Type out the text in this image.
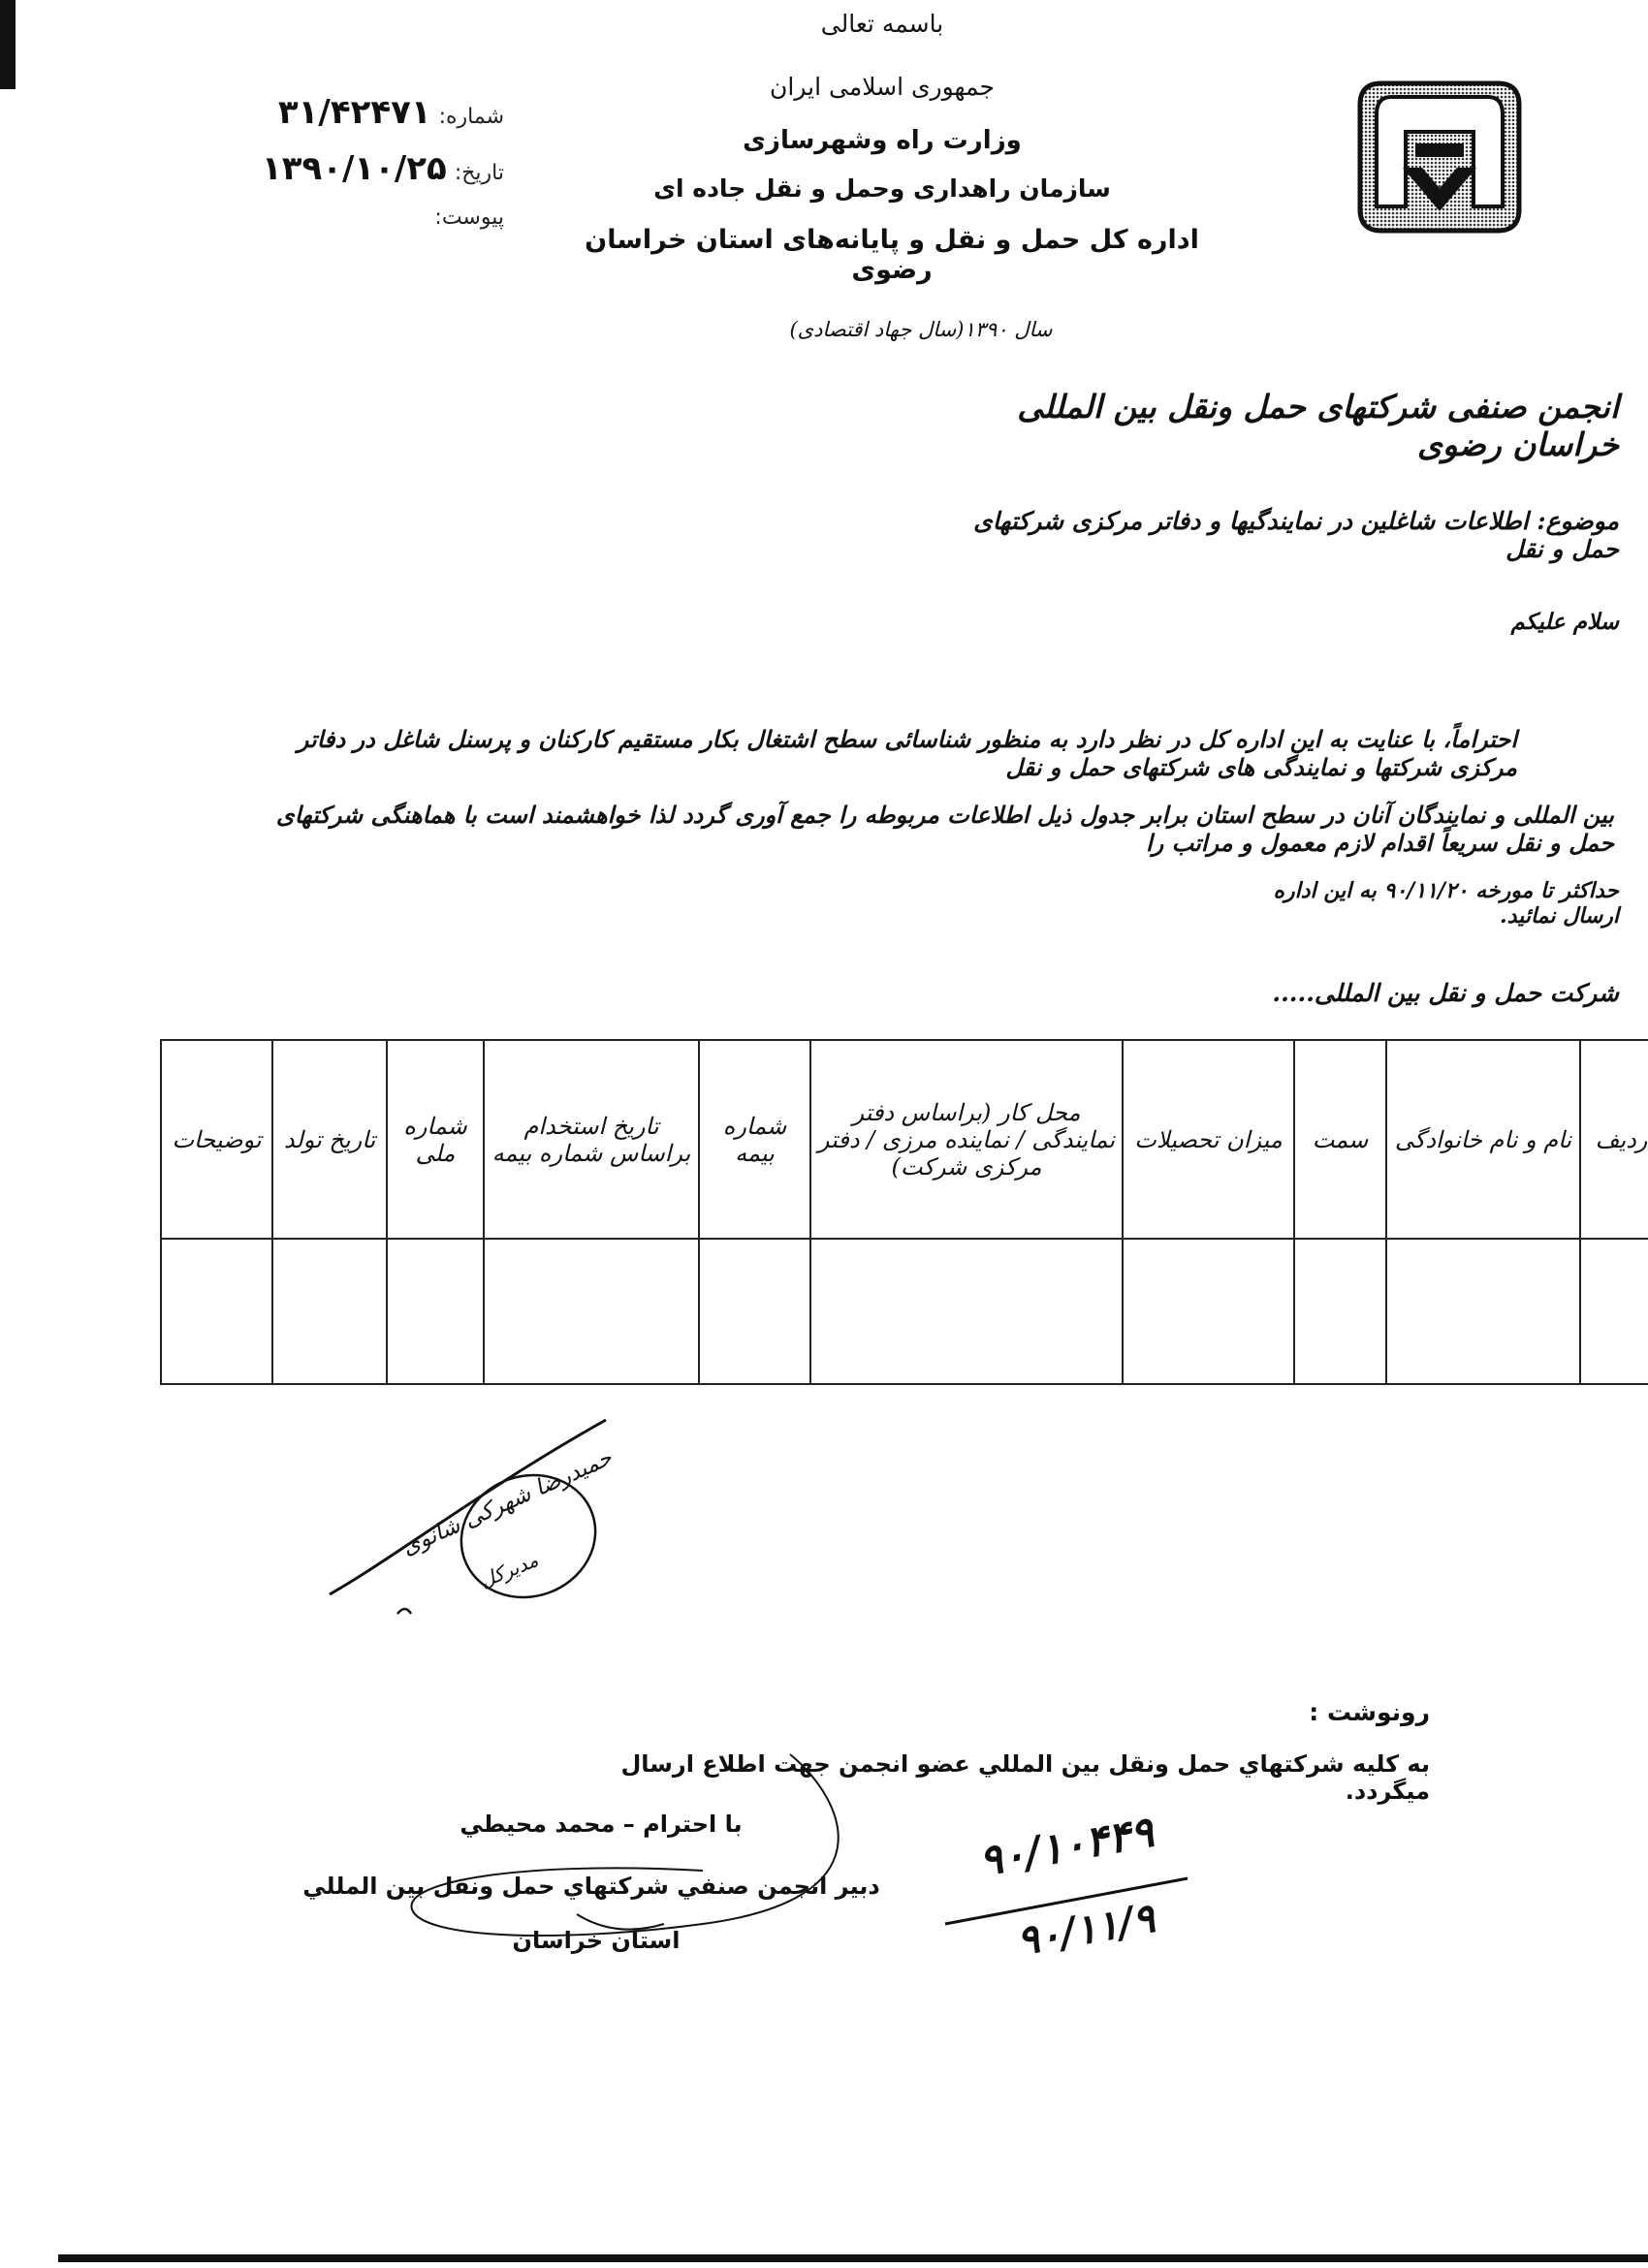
باسمه تعالی
جمهوری اسلامی ایران
وزارت راه وشهرسازی
سازمان راهداری وحمل و نقل جاده ای
اداره کل حمل و نقل و پایانه‌های استان خراسان رضوی
شماره:
۳۱/۴۲۴۷۱
تاریخ:
۱۳۹۰/۱۰/۲۵
پیوست:
سال ۱۳۹۰(سال جهاد اقتصادی)
انجمن صنفی شرکتهای حمل ونقل بین المللی خراسان رضوی
موضوع: اطلاعات شاغلین در نمایندگیها و دفاتر مرکزی شرکتهای حمل و نقل
سلام علیکم
احتراماً، با عنایت به این اداره کل در نظر دارد به منظور شناسائی سطح اشتغال بکار مستقیم کارکنان و پرسنل شاغل در دفاتر مرکزی شرکتها و نمایندگی های شرکتهای حمل و نقل
بین المللی و نمایندگان آنان در سطح استان برابر جدول ذیل اطلاعات مربوطه را جمع آوری گردد لذا خواهشمند است با هماهنگی شرکتهای حمل و نقل سریعاً اقدام لازم معمول و مراتب را
حداکثر تا مورخه ۹۰/۱۱/۲۰ به این اداره ارسال نمائید.
شرکت حمل و نقل بین المللی.....
ردیف	نام و نام خانوادگی	سمت	میزان تحصیلات	محل کار (براساس دفتر نمایندگی / نماینده مرزی / دفتر مرکزی شرکت)	شماره بیمه	تاریخ استخدام براساس شماره بیمه	شماره ملی	تاریخ تولد	توضیحات

حمیدرضا شهرکی شانوی
مدیرکل
رونوشت :
به كليه شركتهاي حمل ونقل بين المللي عضو انجمن جهت اطلاع ارسال ميگردد.
با احترام – محمد محيطي
دبير انجمن صنفي شركتهاي حمل ونقل بين المللي
استان خراسان
۹۰/۱۰۴۴۹
۹۰/۱۱/۹
